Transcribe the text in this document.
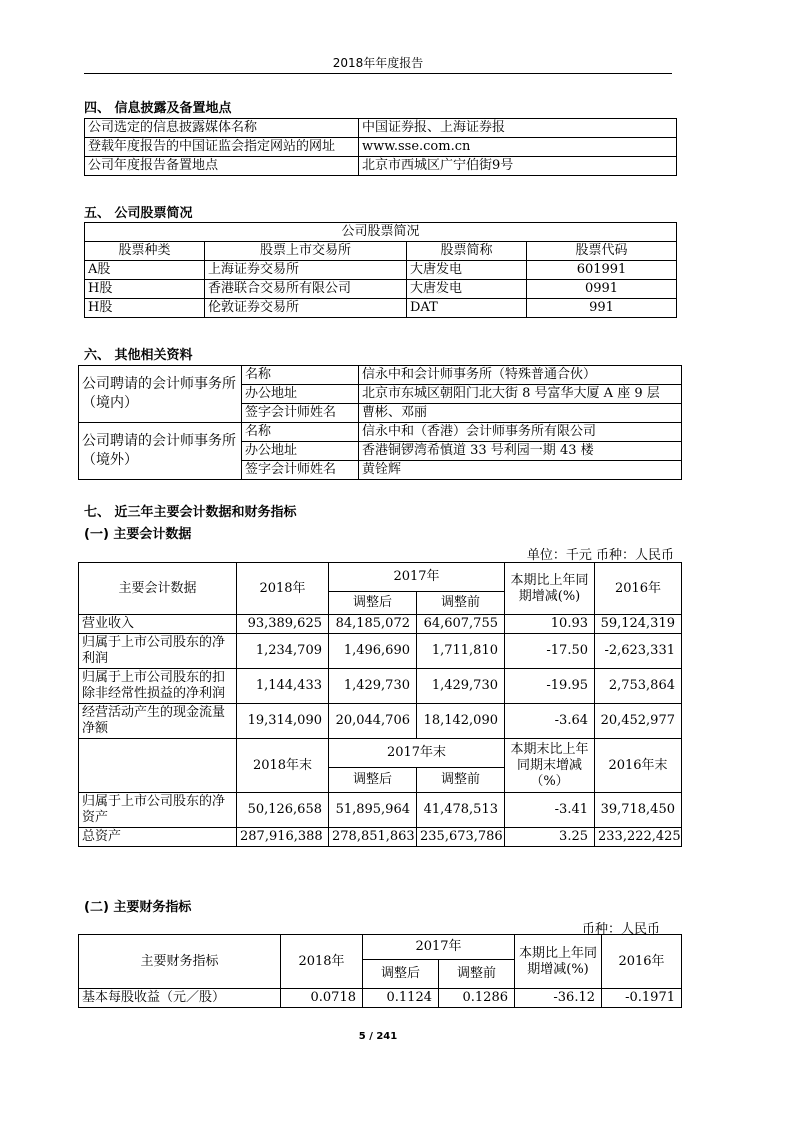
2018年年度报告
四、 信息披露及备置地点
公司选定的信息披露媒体名称	中国证券报、上海证券报
登载年度报告的中国证监会指定网站的网址	www.sse.com.cn
公司年度报告备置地点	北京市西城区广宁伯街9号
五、 公司股票简况
公司股票简况			
股票种类	股票上市交易所	股票简称	股票代码
A股	上海证券交易所	大唐发电	601991
H股	香港联合交易所有限公司	大唐发电	0991
H股	伦敦证券交易所	DAT	991
六、 其他相关资料
公司聘请的会计师事务所（境内）	名称	信永中和会计师事务所（特殊普通合伙）
	办公地址	北京市东城区朝阳门北大街 8 号富华大厦 A 座 9 层
	签字会计师姓名	曹彬、邓丽
公司聘请的会计师事务所（境外）	名称	信永中和（香港）会计师事务所有限公司
	办公地址	香港铜锣湾希慎道 33 号利园一期 43 楼
	签字会计师姓名	黄铨辉
七、 近三年主要会计数据和财务指标
(一) 主要会计数据
单位：千元 币种：人民币
主要会计数据	2018年	2017年		本期比上年同期增减(%)	2016年
		调整后	调整前		
营业收入	93,389,625	84,185,072	64,607,755	10.93	59,124,319
归属于上市公司股东的净利润	1,234,709	1,496,690	1,711,810	-17.50	-2,623,331
归属于上市公司股东的扣除非经常性损益的净利润	1,144,433	1,429,730	1,429,730	-19.95	2,753,864
经营活动产生的现金流量净额	19,314,090	20,044,706	18,142,090	-3.64	20,452,977
	2018年末	2017年末		本期末比上年同期末增减（%）	2016年末
		调整后	调整前		
归属于上市公司股东的净资产	50,126,658	51,895,964	41,478,513	-3.41	39,718,450
总资产	287,916,388	278,851,863	235,673,786	3.25	233,222,425
(二) 主要财务指标
币种：人民币
主要财务指标	2018年	2017年		本期比上年同期增减(%)	2016年
		调整后	调整前		
基本每股收益（元／股）	0.0718	0.1124	0.1286	-36.12	-0.1971
5 / 241
